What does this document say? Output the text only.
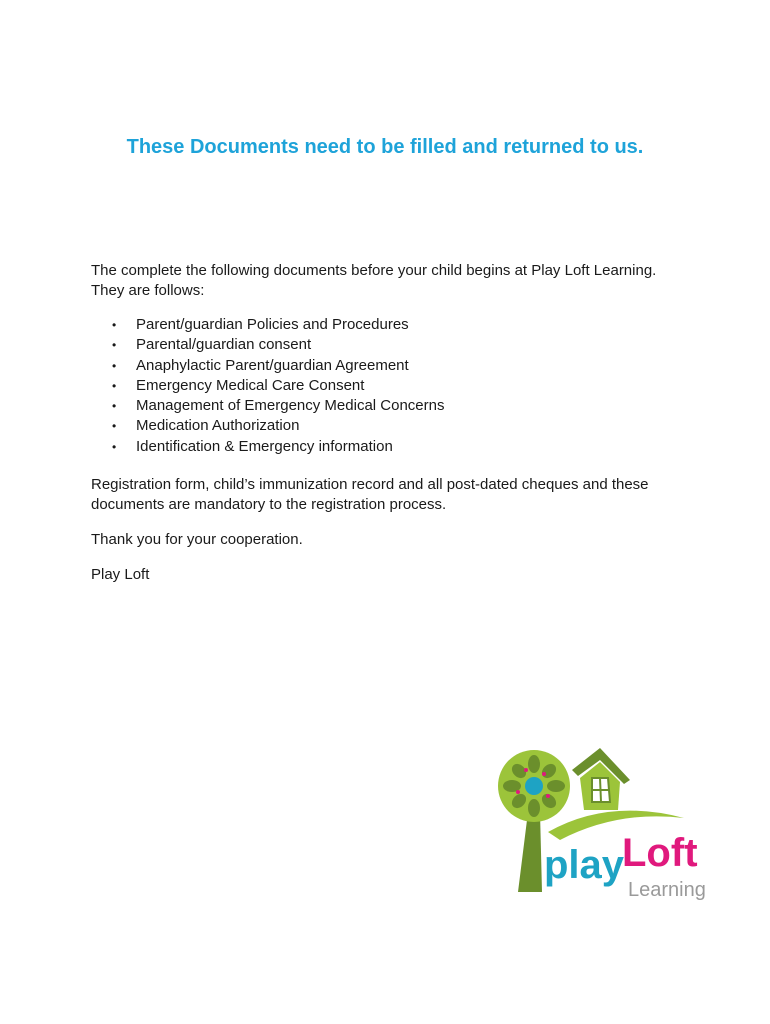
These Documents need to be filled and returned to us.

The complete the following documents before your child begins at Play Loft Learning.

They are follows:

• Parent/guardian Policies and Procedures
• Parental/guardian consent
• Anaphylactic Parent/guardian Agreement
• Emergency Medical Care Consent
• Management of Emergency Medical Concerns
• Medication Authorization
• Identification & Emergency information

Registration form, child’s immunization record and all post-dated cheques and these

documents are mandatory to the registration process.

Thank you for your cooperation.

Play Loft

play
Loft
Learning
